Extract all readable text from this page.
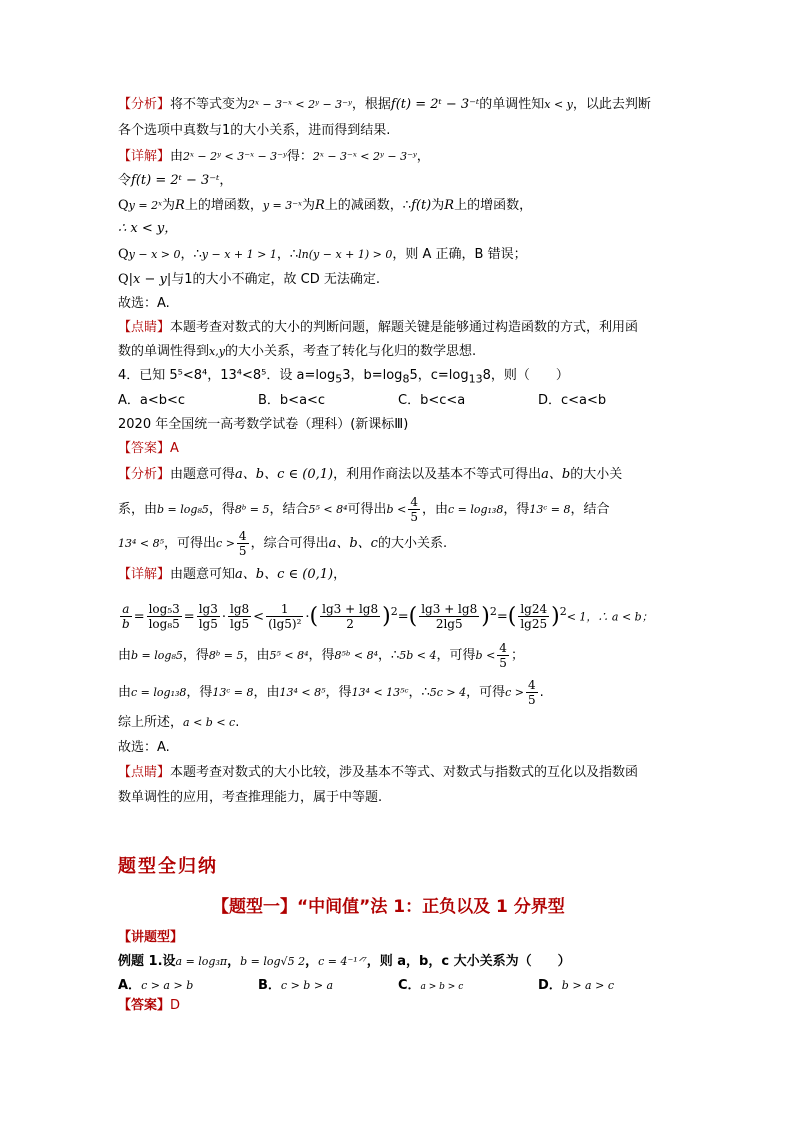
【分析】将不等式变为2ˣ − 3⁻ˣ < 2ʸ − 3⁻ʸ，根据f(t) = 2ᵗ − 3⁻ᵗ的单调性知x < y，以此去判断
各个选项中真数与1的大小关系，进而得到结果.
【详解】由2ˣ − 2ʸ < 3⁻ˣ − 3⁻ʸ得：2ˣ − 3⁻ˣ < 2ʸ − 3⁻ʸ，
令f(t) = 2ᵗ − 3⁻ᵗ，
Qy = 2ˣ为R上的增函数，y = 3⁻ˣ为R上的减函数，∴f(t)为R上的增函数，
∴ x < y，
Qy − x > 0，∴y − x + 1 > 1，∴ln(y − x + 1) > 0，则 A 正确，B 错误；
Q|x − y|与1的大小不确定，故 CD 无法确定.
故选：A.
【点睛】本题考查对数式的大小的判断问题，解题关键是能够通过构造函数的方式，利用函
数的单调性得到x,y的大小关系，考查了转化与化归的数学思想.
4．已知 5⁵<8⁴，13⁴<8⁵．设 $a=\log_53$，$b=\log_85$，$c=\log_{13}8$，则（　　）
A．a<b<c	B．b<a<c	C．b<c<a	D．c<a<b
2020 年全国统一高考数学试卷（理科）(新课标Ⅲ)
【答案】A
【分析】由题意可得a、b、c ∈ (0,1)，利用作商法以及基本不等式可得出a、b的大小关
系，由b = log₈5，得8ᵇ = 5，结合5⁵ < 8⁴可得出$b < \frac{4}{5}$ ，由c = log₁₃8，得13ᶜ = 8，结合
13⁴ < 8⁵，可得出$c > \frac{4}{5}$ ，综合可得出a、b、c的大小关系.
【详解】由题意可知a、b、c ∈ (0,1)，
$\frac{a}{b} = \frac{\text{log₅3}}{\text{log₈5}} = \frac{\lg 3}{\lg 5} \cdot \frac{\lg 8}{\lg 5} < \frac{1}{\text{(lg5)²}}$ ·( $\frac{\lg 3 + \lg 8}{2} )^2=( \frac{\lg 3 + \lg 8}{2\lg 5} )^2=( \frac{\lg 24}{\lg 25} )^2< 1$，∴ a < b；
由b = log₈5，得8ᵇ = 5，由5⁵ < 8⁴，得8⁵ᵇ < 8⁴，∴5b < 4，可得$b < \frac{4}{5}$ ；
由c = log₁₃8，得13ᶜ = 8，由13⁴ < 8⁵，得13⁴ < 13⁵ᶜ，∴5c > 4，可得$c > \frac{4}{5}$ .
综上所述，a < b < c.
故选：A.
【点睛】本题考查对数式的大小比较，涉及基本不等式、对数式与指数式的互化以及指数函
数单调性的应用，考查推理能力，属于中等题.
题型全归纳
【题型一】“中间值”法 1：正负以及 1 分界型
【讲题型】
例题 1.设a = log₃π，b = log√5 2，c = 4⁻¹ᐟ⁷，则 a，b，c 大小关系为（　　）
A．c > a > b	B．c > b > a	C．a > b > c	D．b > a > c
【答案】D
